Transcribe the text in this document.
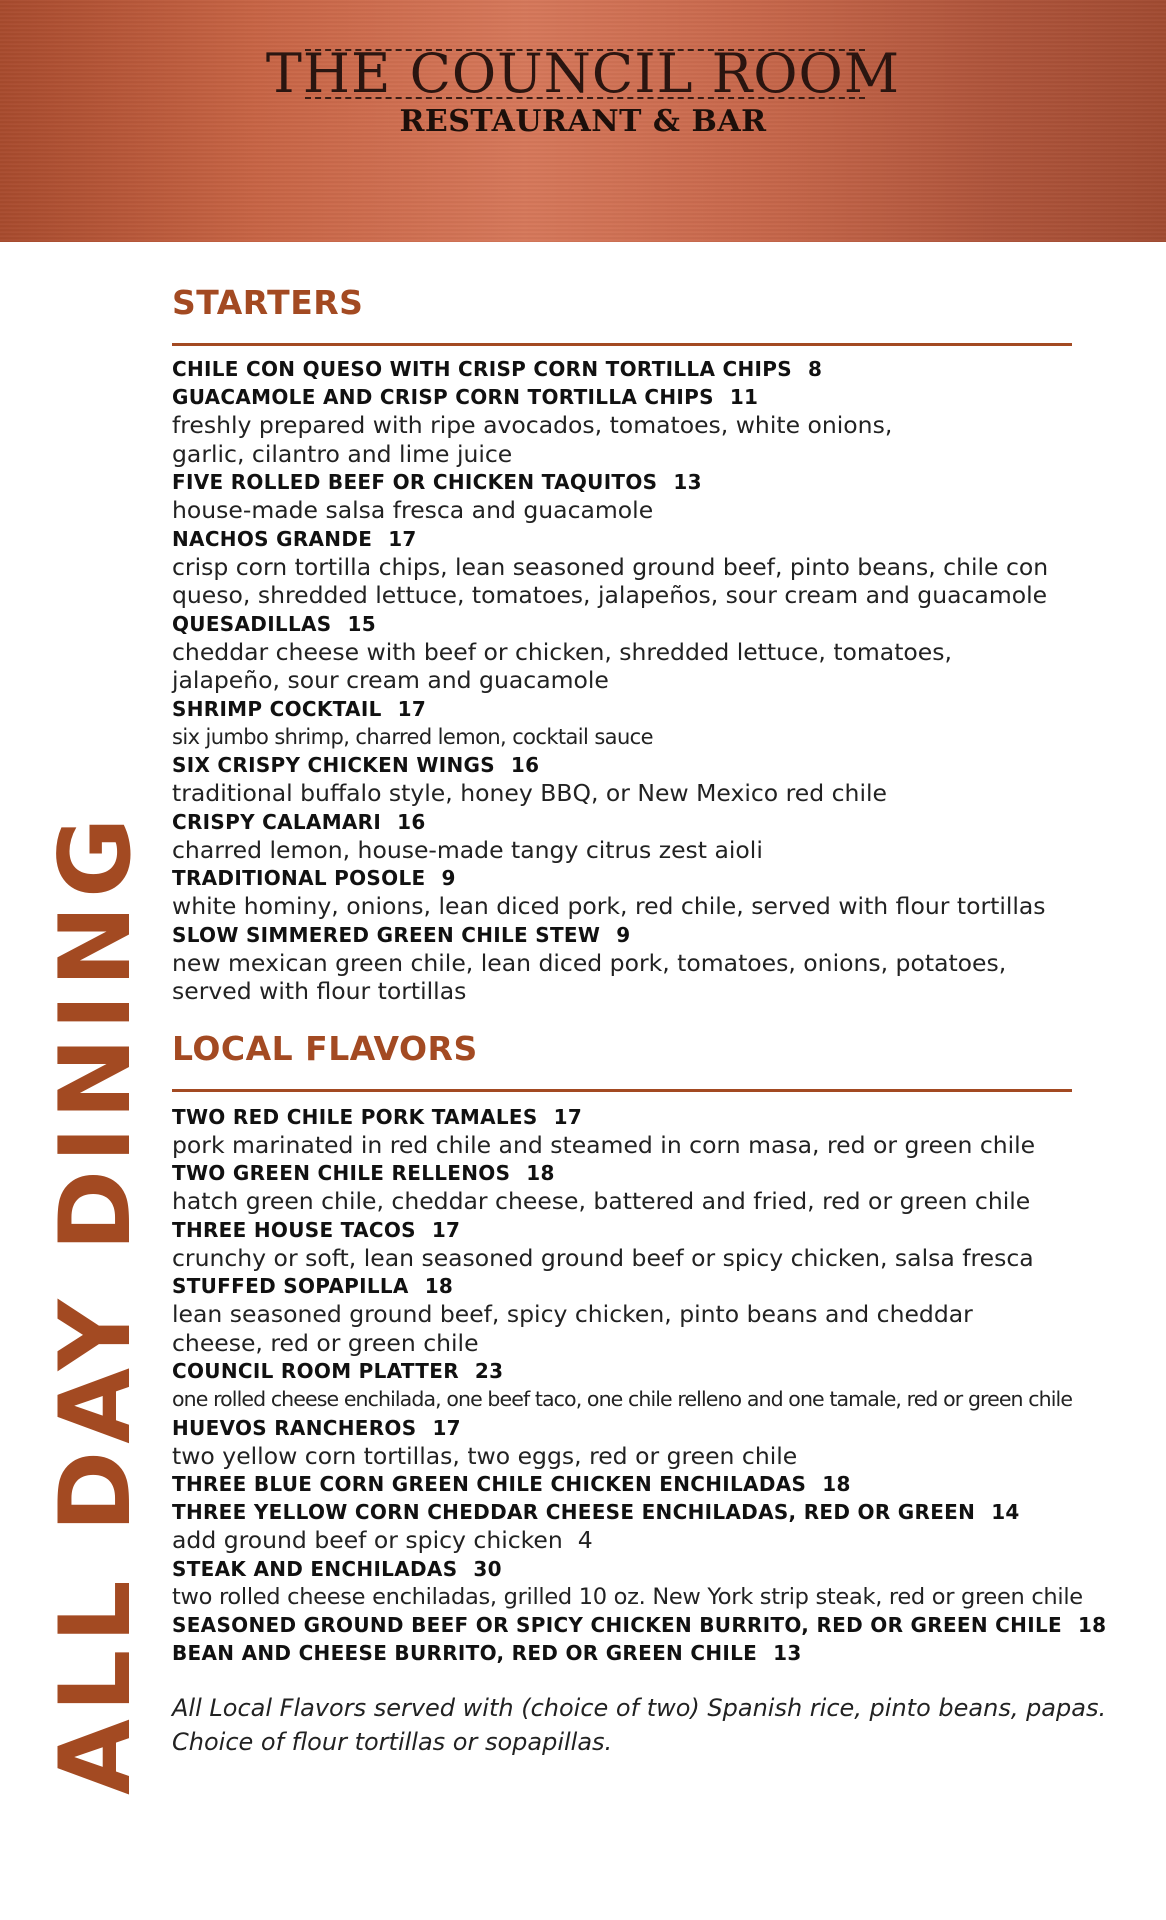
THE COUNCIL ROOM
RESTAURANT & BAR
ALL DAY DINING
STARTERS
CHILE CON QUESO WITH CRISP CORN TORTILLA CHIPS 8
GUACAMOLE AND CRISP CORN TORTILLA CHIPS 11
freshly prepared with ripe avocados, tomatoes, white onions, garlic, cilantro and lime juice
FIVE ROLLED BEEF OR CHICKEN TAQUITOS 13
house-made salsa fresca and guacamole
NACHOS GRANDE 17
crisp corn tortilla chips, lean seasoned ground beef, pinto beans, chile con queso, shredded lettuce, tomatoes, jalapeños, sour cream and guacamole
QUESADILLAS 15
cheddar cheese with beef or chicken, shredded lettuce, tomatoes, jalapeño, sour cream and guacamole
SHRIMP COCKTAIL 17
six jumbo shrimp, charred lemon, cocktail sauce
SIX CRISPY CHICKEN WINGS 16
traditional buffalo style, honey BBQ, or New Mexico red chile
CRISPY CALAMARI 16
charred lemon, house-made tangy citrus zest aioli
TRADITIONAL POSOLE 9
white hominy, onions, lean diced pork, red chile, served with flour tortillas
SLOW SIMMERED GREEN CHILE STEW 9
new mexican green chile, lean diced pork, tomatoes, onions, potatoes, served with flour tortillas
LOCAL FLAVORS
TWO RED CHILE PORK TAMALES 17
pork marinated in red chile and steamed in corn masa, red or green chile
TWO GREEN CHILE RELLENOS 18
hatch green chile, cheddar cheese, battered and fried, red or green chile
THREE HOUSE TACOS 17
crunchy or soft, lean seasoned ground beef or spicy chicken, salsa fresca
STUFFED SOPAPILLA 18
lean seasoned ground beef, spicy chicken, pinto beans and cheddar cheese, red or green chile
COUNCIL ROOM PLATTER 23
one rolled cheese enchilada, one beef taco, one chile relleno and one tamale, red or green chile
HUEVOS RANCHEROS 17
two yellow corn tortillas, two eggs, red or green chile
THREE BLUE CORN GREEN CHILE CHICKEN ENCHILADAS 18
THREE YELLOW CORN CHEDDAR CHEESE ENCHILADAS, RED OR GREEN 14
add ground beef or spicy chicken  4
STEAK AND ENCHILADAS 30
two rolled cheese enchiladas, grilled 10 oz. New York strip steak, red or green chile
SEASONED GROUND BEEF OR SPICY CHICKEN BURRITO, RED OR GREEN CHILE 18
BEAN AND CHEESE BURRITO, RED OR GREEN CHILE 13
All Local Flavors served with (choice of two) Spanish rice, pinto beans, papas.
Choice of flour tortillas or sopapillas.
